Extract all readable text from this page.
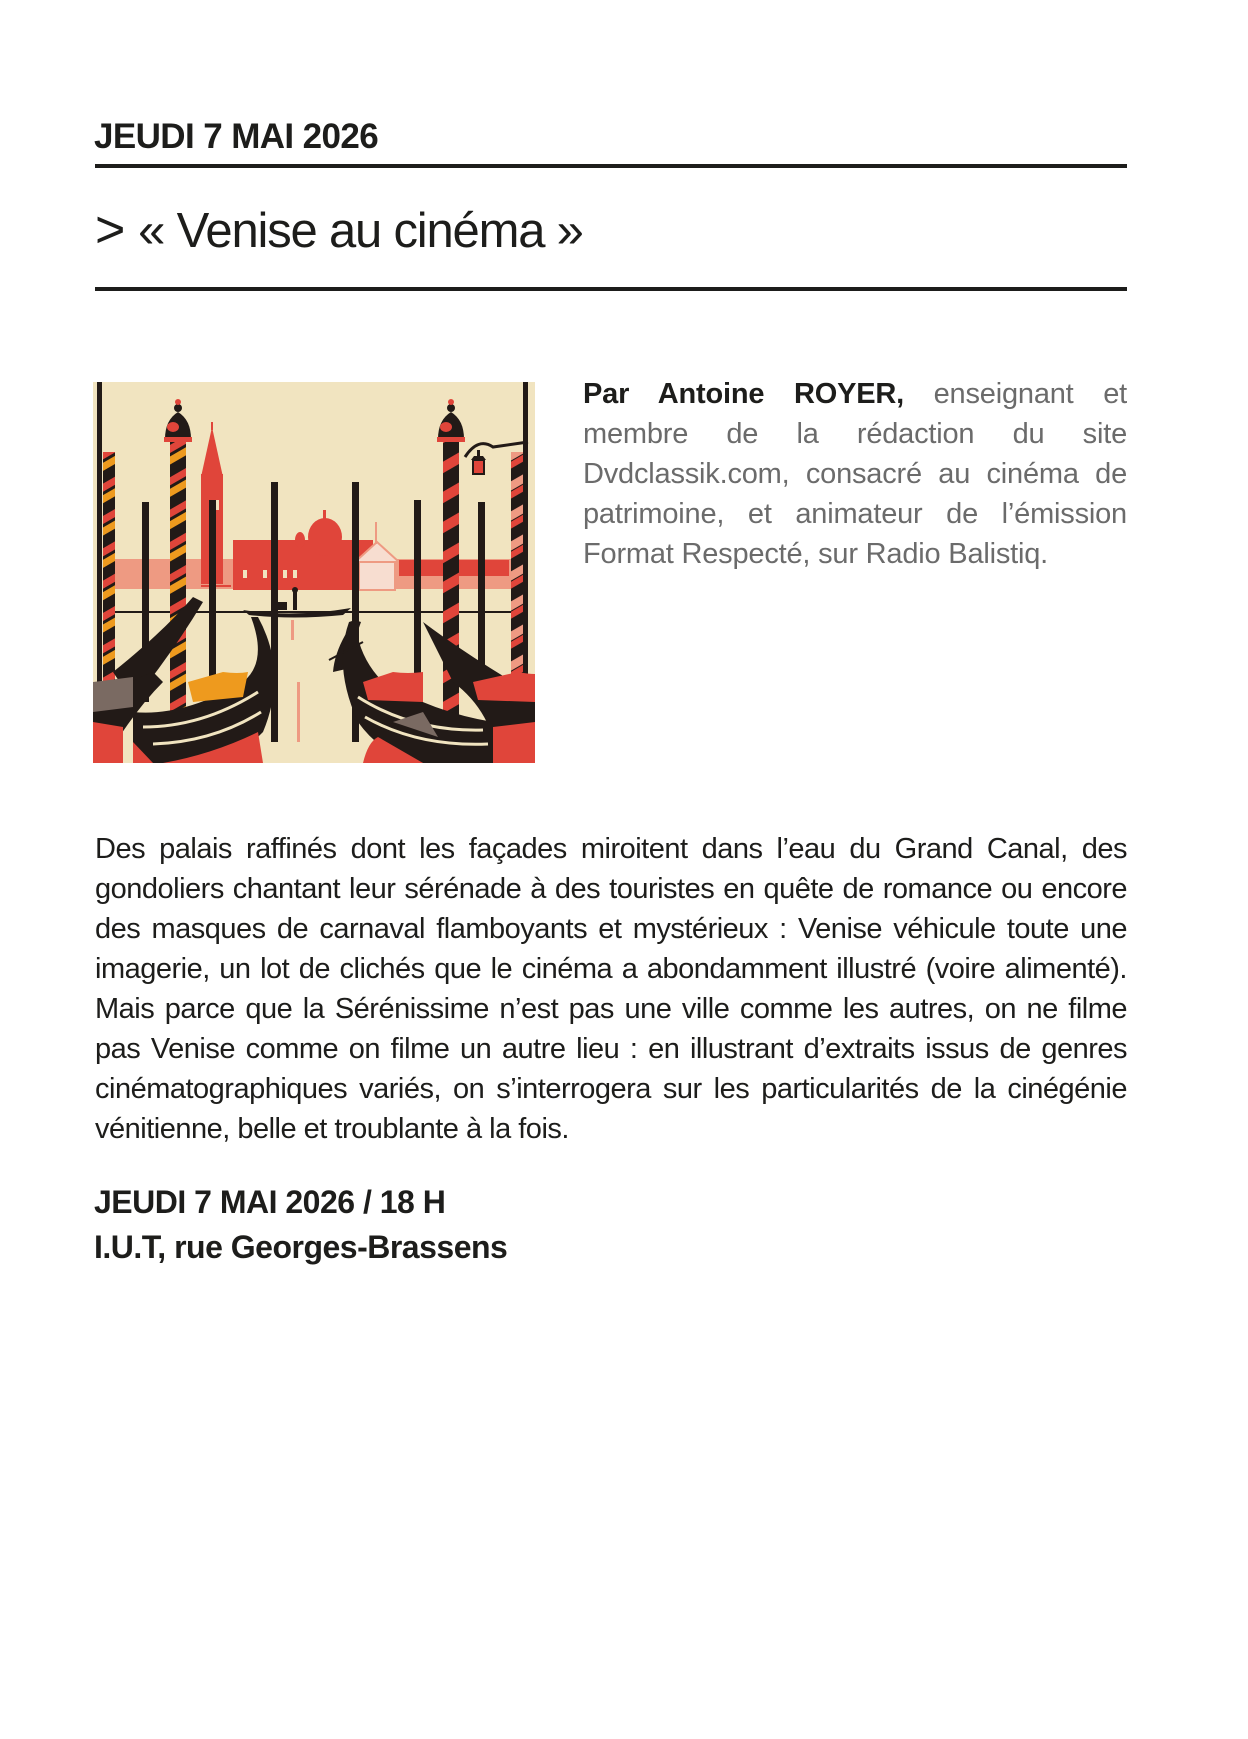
JEUDI 7 MAI 2026
> « Venise au cinéma »

Par Antoine ROYER, enseignant et membre de la rédaction du site Dvdclassik.com, consacré au cinéma de patrimoine, et animateur de l’émission Format Respecté, sur Radio Balistiq.

Des palais raffinés dont les façades miroitent dans l’eau du Grand Canal, des gondoliers chantant leur sérénade à des touristes en quête de romance ou encore des masques de carnaval flamboyants et mystérieux : Venise véhicule toute une imagerie, un lot de clichés que le cinéma a abondamment illustré (voire alimenté). Mais parce que la Sérénissime n’est pas une ville comme les autres, on ne filme pas Venise comme on filme un autre lieu : en illustrant d’extraits issus de genres cinématographiques variés, on s’interrogera sur les particularités de la cinégénie vénitienne, belle et troublante à la fois.

JEUDI 7 MAI 2026 / 18 H
I.U.T, rue Georges-Brassens
